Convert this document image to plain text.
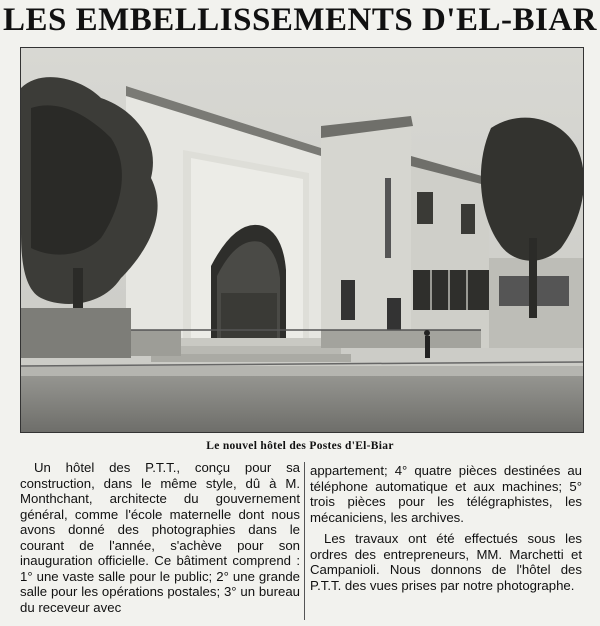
LES EMBELLISSEMENTS D'EL-BIAR
Le nouvel hôtel des Postes d'El-Biar

Un hôtel des P.T.T., conçu pour sa construction, dans le même style, dû à M. Monthchant, architecte du gouvernement général, comme l'école maternelle dont nous avons donné des photographies dans le courant de l'année, s'achève pour son inauguration officielle. Ce bâtiment comprend : 1° une vaste salle pour le public; 2° une grande salle pour les opérations postales; 3° un bureau du receveur avec

appartement; 4° quatre pièces destinées au téléphone automatique et aux machines; 5° trois pièces pour les télégraphistes, les mécaniciens, les archives.

Les travaux ont été effectués sous les ordres des entrepreneurs, MM. Marchetti et Campanioli. Nous donnons de l'hôtel des P.T.T. des vues prises par notre photographe.
